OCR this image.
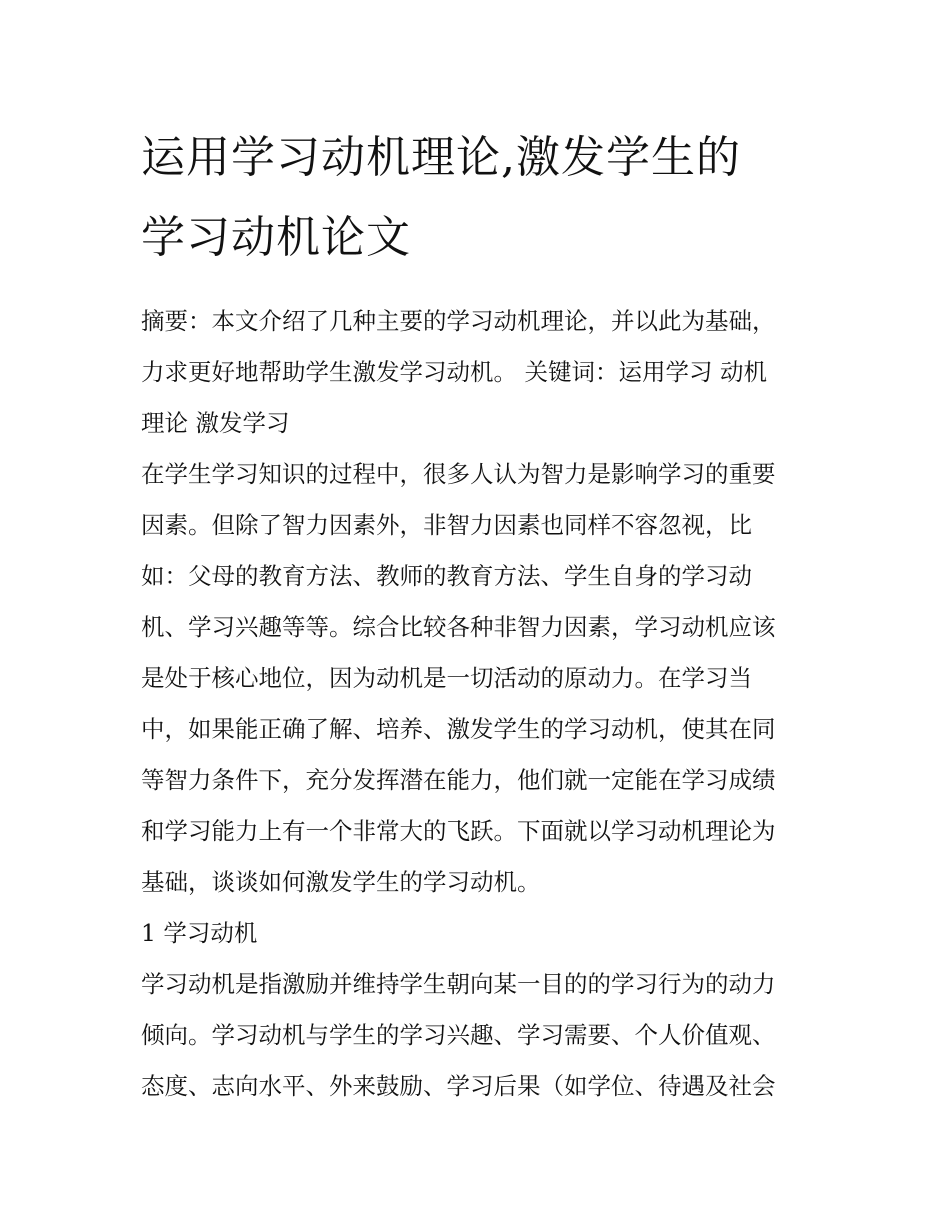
运用学习动机理论,激发学生的
学习动机论文

摘要：本文介绍了几种主要的学习动机理论，并以此为基础，
力求更好地帮助学生激发学习动机。 关键词：运用学习 动机
理论 激发学习

在学生学习知识的过程中，很多人认为智力是影响学习的重要
因素。但除了智力因素外，非智力因素也同样不容忽视，比
如：父母的教育方法、教师的教育方法、学生自身的学习动
机、学习兴趣等等。综合比较各种非智力因素，学习动机应该
是处于核心地位，因为动机是一切活动的原动力。在学习当
中，如果能正确了解、培养、激发学生的学习动机，使其在同
等智力条件下，充分发挥潜在能力，他们就一定能在学习成绩
和学习能力上有一个非常大的飞跃。下面就以学习动机理论为
基础，谈谈如何激发学生的学习动机。

1 学习动机

学习动机是指激励并维持学生朝向某一目的的学习行为的动力
倾向。学习动机与学生的学习兴趣、学习需要、个人价值观、
态度、志向水平、外来鼓励、学习后果（如学位、待遇及社会
